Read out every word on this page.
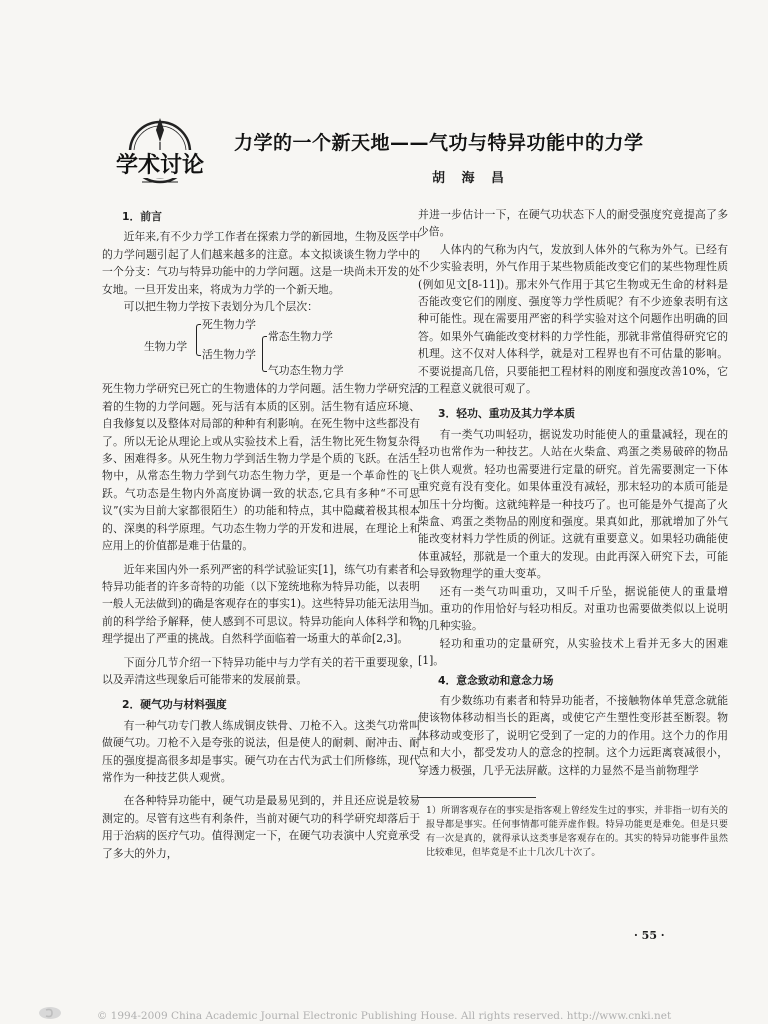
学术讨论
力学的一个新天地——气功与特异功能中的力学
胡 海 昌
1．前言

近年来,有不少力学工作者在探索力学的新园地，生物及医学中的力学问题引起了人们越来越多的注意。本文拟谈谈生物力学中的一个分支：气功与特异功能中的力学问题。这是一块尚未开发的处女地。一旦开发出来，将成为力学的一个新天地。

可以把生物力学按下表划分为几个层次：

生物力学
死生物力学
活生物力学
常态生物力学
气功态生物力学

死生物力学研究已死亡的生物遗体的力学问题。活生物力学研究活着的生物的力学问题。死与活有本质的区别。活生物有适应环境、自我修复以及整体对局部的种种有利影响。在死生物中这些都没有了。所以无论从理论上或从实验技术上看，活生物比死生物复杂得多、困难得多。从死生物力学到活生物力学是个质的飞跃。在活生物中，从常态生物力学到气功态生物力学，更是一个革命性的飞跃。气功态是生物内外高度协调一致的状态,它具有多种“不可思议”(实为目前大家都很陌生）的功能和特点，其中隐藏着极其根本的、深奥的科学原理。气功态生物力学的开发和进展，在理论上和应用上的价值都是难于估量的。

近年来国内外一系列严密的科学试验证实[1]，练气功有素者和特异功能者的许多奇特的功能（以下笼统地称为特异功能，以表明一般人无法做到)的确是客观存在的事实1)。这些特异功能无法用当前的科学给予解释，使人感到不可思议。特异功能向人体科学和物理学提出了严重的挑战。自然科学面临着一场重大的革命[2,3]。

下面分几节介绍一下特异功能中与力学有关的若干重要现象，以及弄清这些现象后可能带来的发展前景。

2．硬气功与材料强度

有一种气功专门教人练成铜皮铁骨、刀枪不入。这类气功常叫做硬气功。刀枪不入是夸张的说法，但是使人的耐刺、耐冲击、耐压的强度提高很多却是事实。硬气功在古代为武士们所修练，现代常作为一种技艺供人观赏。

在各种特异功能中，硬气功是最易见到的，并且还应说是较易测定的。尽管有这些有利条件，当前对硬气功的科学研究却落后于用于治病的医疗气功。值得测定一下，在硬气功表演中人究竟承受了多大的外力，

并进一步估计一下，在硬气功状态下人的耐受强度究竟提高了多少倍。

人体内的气称为内气，发放到人体外的气称为外气。已经有不少实验表明，外气作用于某些物质能改变它们的某些物理性质(例如见文[8-11])。那末外气作用于其它生物或无生命的材料是否能改变它们的刚度、强度等力学性质呢？有不少迹象表明有这种可能性。现在需要用严密的科学实验对这个问题作出明确的回答。如果外气确能改变材料的力学性能，那就非常值得研究它的机理。这不仅对人体科学，就是对工程界也有不可估量的影响。不要说提高几倍，只要能把工程材料的刚度和强度改善10%，它的工程意义就很可观了。

3．轻功、重功及其力学本质

有一类气功叫轻功，据说发功时能使人的重量减轻，现在的轻功也常作为一种技艺。人站在火柴盒、鸡蛋之类易破碎的物品上供人观赏。轻功也需要进行定量的研究。首先需要测定一下体重究竟有没有变化。如果体重没有减轻，那末轻功的本质可能是加压十分均衡。这就纯粹是一种技巧了。也可能是外气提高了火柴盒、鸡蛋之类物品的刚度和强度。果真如此，那就增加了外气能改变材料力学性质的例证。这就有重要意义。如果轻功确能使体重减轻，那就是一个重大的发现。由此再深入研究下去，可能会导致物理学的重大变革。

还有一类气功叫重功，又叫千斤坠，据说能使人的重量增加。重功的作用恰好与轻功相反。对重功也需要做类似以上说明的几种实验。

轻功和重功的定量研究，从实验技术上看并无多大的困难[1]。

4．意念致动和意念力场

有少数练功有素者和特异功能者，不接触物体单凭意念就能使该物体移动相当长的距离，或使它产生塑性变形甚至断裂。物体移动或变形了，说明它受到了一定的力的作用。这个力的作用点和大小，都受发功人的意念的控制。这个力远距离衰减很小，穿透力极强，几乎无法屏蔽。这样的力显然不是当前物理学

1）所谓客观存在的事实是指客观上曾经发生过的事实，并非指一切有关的报导都是事实。任何事情都可能弄虚作假。特异功能更是难免。但是只要有一次是真的，就得承认这类事是客观存在的。其实的特异功能事件虽然比较难见，但毕竟是不止十几次几十次了。
· 55 ·
© 1994-2009 China Academic Journal Electronic Publishing House. All rights reserved. http://www.cnki.net
